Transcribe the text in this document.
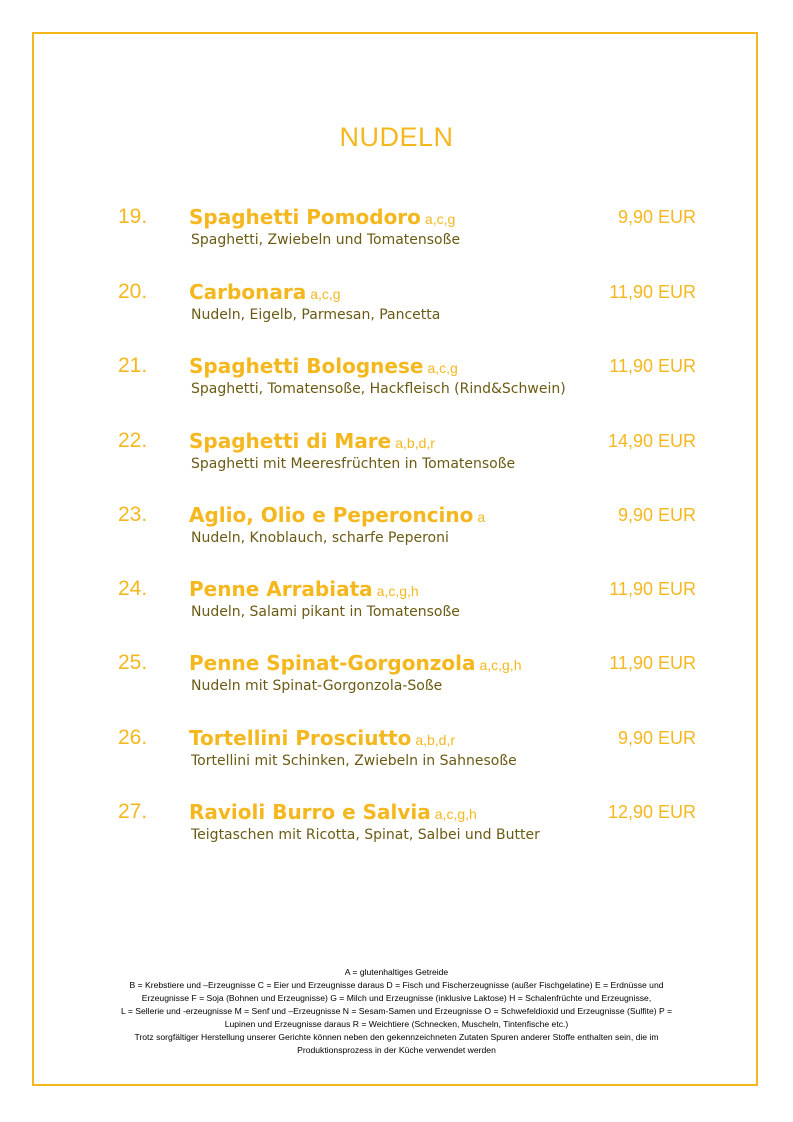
NUDELN
19. Spaghetti Pomodoro a,c,g	9,90 EUR
Spaghetti, Zwiebeln und Tomatensoße
20. Carbonara a,c,g	11,90 EUR
Nudeln, Eigelb, Parmesan, Pancetta
21. Spaghetti Bolognese a,c,g	11,90 EUR
Spaghetti, Tomatensoße, Hackfleisch (Rind&Schwein)
22. Spaghetti di Mare a,b,d,r	14,90 EUR
Spaghetti mit Meeresfrüchten in Tomatensoße
23. Aglio, Olio e Peperoncino a	9,90 EUR
Nudeln, Knoblauch, scharfe Peperoni
24. Penne Arrabiata a,c,g,h	11,90 EUR
Nudeln, Salami pikant in Tomatensoße
25. Penne Spinat-Gorgonzola a,c,g,h	11,90 EUR
Nudeln mit Spinat-Gorgonzola-Soße
26. Tortellini Prosciutto a,b,d,r	9,90 EUR
Tortellini mit Schinken, Zwiebeln in Sahnesoße
27. Ravioli Burro e Salvia a,c,g,h	12,90 EUR
Teigtaschen mit Ricotta, Spinat, Salbei und Butter
A = glutenhaltiges Getreide
B = Krebstiere und –Erzeugnisse C = Eier und Erzeugnisse daraus D = Fisch und Fischerzeugnisse (außer Fischgelatine) E = Erdnüsse und
Erzeugnisse F = Soja (Bohnen und Erzeugnisse) G = Milch und Erzeugnisse (inklusive Laktose) H = Schalenfrüchte und Erzeugnisse,
L = Sellerie und -erzeugnisse M = Senf und –Erzeugnisse N = Sesam-Samen und Erzeugnisse O = Schwefeldioxid und Erzeugnisse (Sulfite) P =
Lupinen und Erzeugnisse daraus R = Weichtiere (Schnecken, Muscheln, Tintenfische etc.)
Trotz sorgfältiger Herstellung unserer Gerichte können neben den gekennzeichneten Zutaten Spuren anderer Stoffe enthalten sein, die im
Produktionsprozess in der Küche verwendet werden
